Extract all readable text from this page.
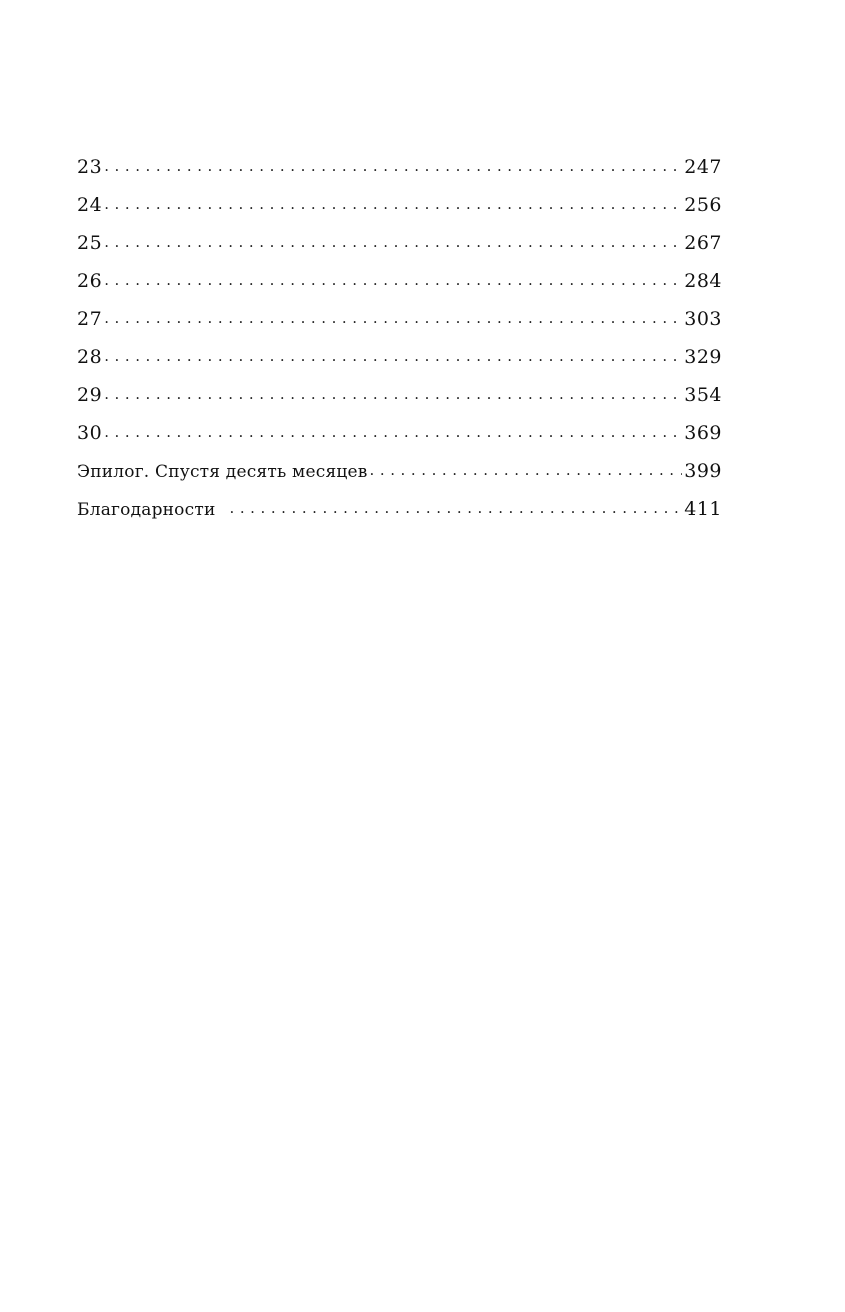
23 . . .	247
24 . . .	256
25 . . .	267
26 . . .	284
27 . . .	303
28 . . .	329
29 . . .	354
30 . . .	369
Эпилог. Спустя десять месяцев . . .	399
Благодарности . . .	411
